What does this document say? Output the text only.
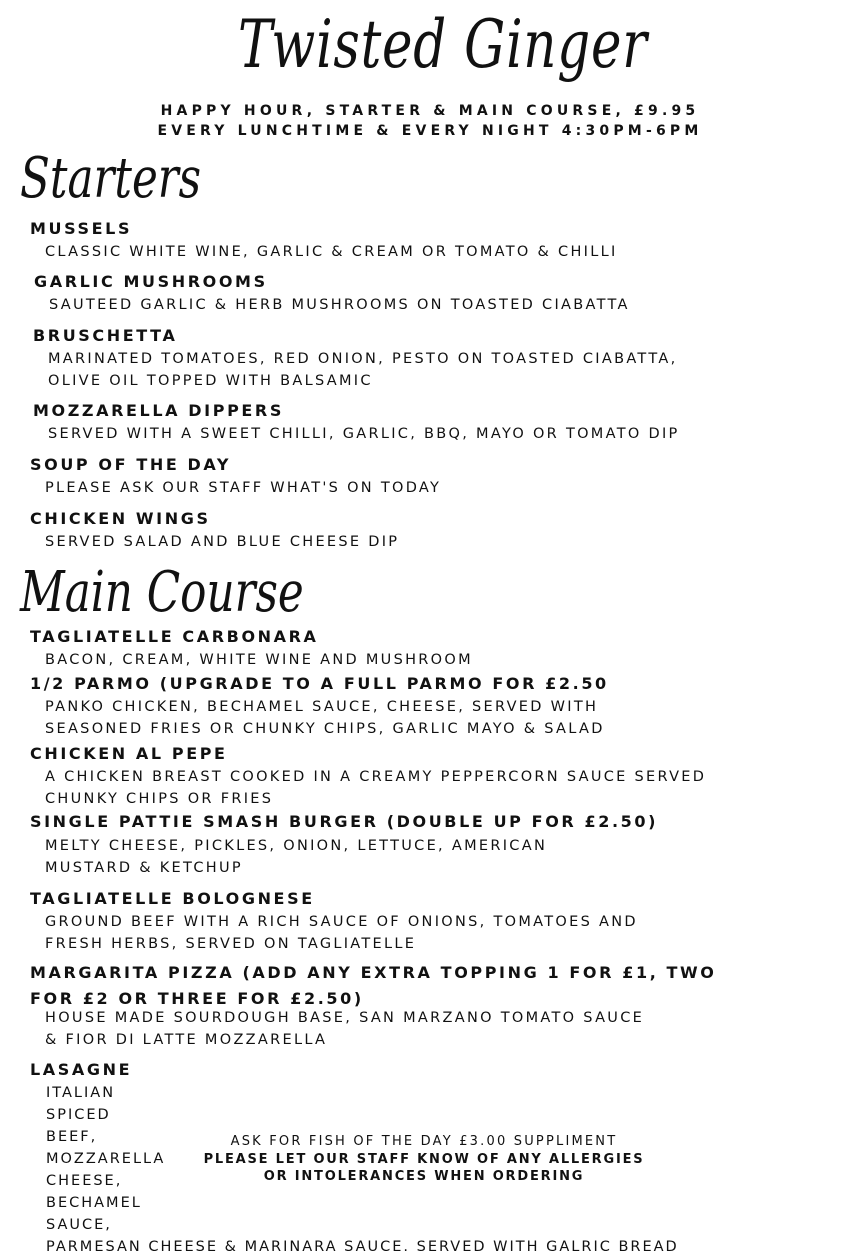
Twisted Ginger
HAPPY HOUR, STARTER & MAIN COURSE, £9.95
EVERY LUNCHTIME & EVERY NIGHT 4:30PM-6PM
Starters
MUSSELS
CLASSIC WHITE WINE, GARLIC & CREAM OR TOMATO & CHILLI
GARLIC MUSHROOMS
SAUTEED GARLIC & HERB MUSHROOMS ON TOASTED CIABATTA
BRUSCHETTA
MARINATED TOMATOES, RED ONION, PESTO ON TOASTED CIABATTA,
OLIVE OIL TOPPED WITH BALSAMIC
MOZZARELLA DIPPERS
SERVED WITH A SWEET CHILLI, GARLIC, BBQ, MAYO OR TOMATO DIP
SOUP OF THE DAY
PLEASE ASK OUR STAFF WHAT'S ON TODAY
CHICKEN WINGS
SERVED SALAD AND BLUE CHEESE DIP
Main Course
TAGLIATELLE CARBONARA
BACON, CREAM, WHITE WINE AND MUSHROOM
1/2 PARMO (UPGRADE TO A FULL PARMO FOR £2.50
PANKO CHICKEN, BECHAMEL SAUCE, CHEESE, SERVED WITH
SEASONED FRIES OR CHUNKY CHIPS, GARLIC MAYO & SALAD
CHICKEN AL PEPE
A CHICKEN BREAST COOKED IN A CREAMY PEPPERCORN SAUCE SERVED
CHUNKY CHIPS OR FRIES
SINGLE PATTIE SMASH BURGER (DOUBLE UP FOR £2.50)
MELTY CHEESE, PICKLES, ONION, LETTUCE, AMERICAN
MUSTARD & KETCHUP
TAGLIATELLE BOLOGNESE
GROUND BEEF WITH A RICH SAUCE OF ONIONS, TOMATOES AND
FRESH HERBS, SERVED ON TAGLIATELLE
MARGARITA PIZZA (ADD ANY EXTRA TOPPING 1 FOR £1, TWO
FOR £2 OR THREE FOR £2.50)
HOUSE MADE SOURDOUGH BASE, SAN MARZANO TOMATO SAUCE
& FIOR DI LATTE MOZZARELLA
LASAGNE
ITALIAN
SPICED
BEEF,
MOZZARELLA
CHEESE,
BECHAMEL
SAUCE,
PARMESAN CHEESE & MARINARA SAUCE. SERVED WITH GALRIC BREAD
ASK FOR FISH OF THE DAY £3.00 SUPPLIMENT
PLEASE LET OUR STAFF KNOW OF ANY ALLERGIES
OR INTOLERANCES WHEN ORDERING
